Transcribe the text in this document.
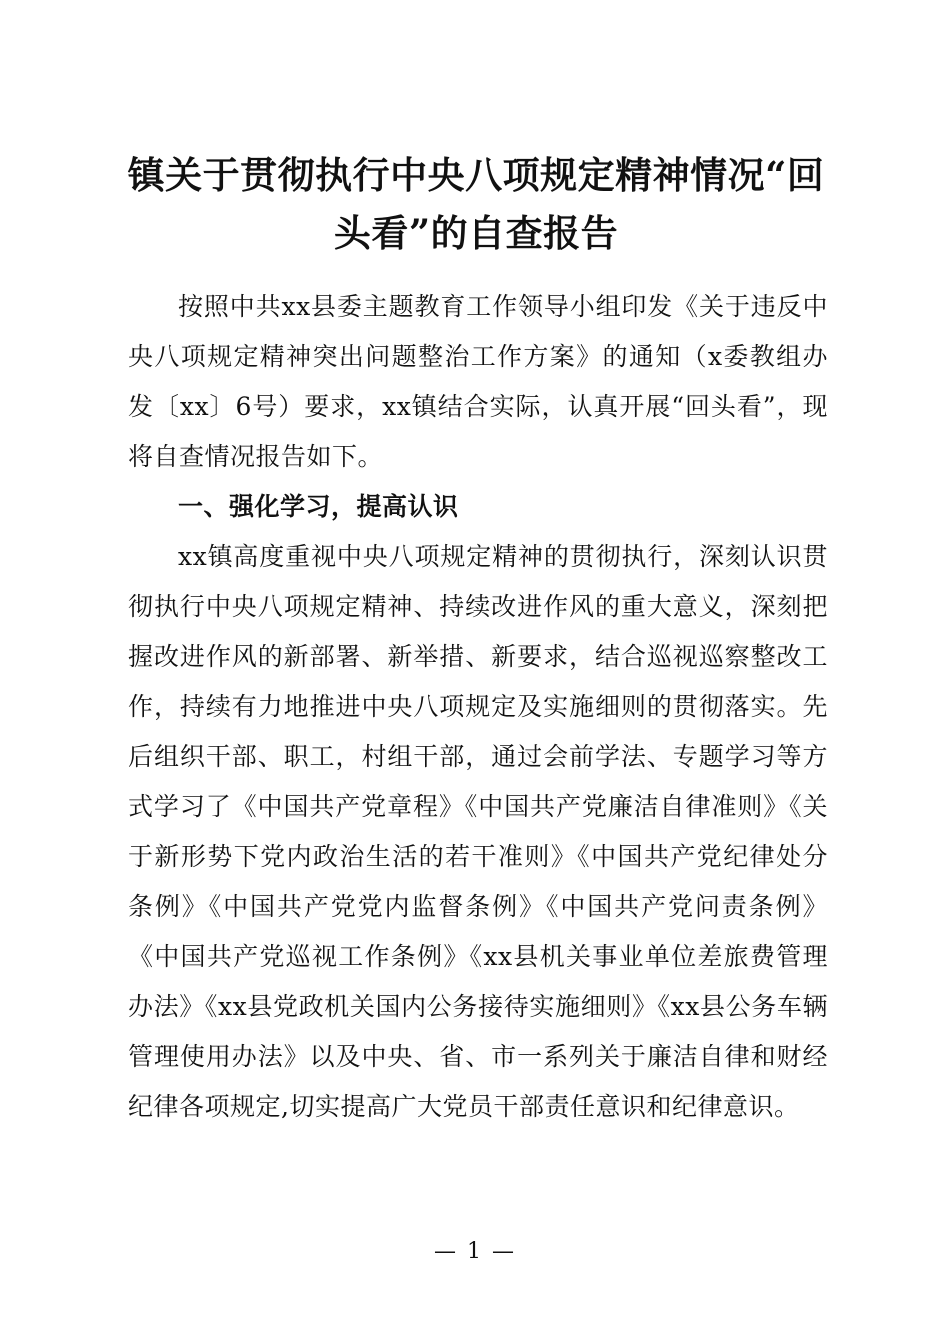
镇关于贯彻执行中央八项规定精神情况“回头看”的自查报告

按照中共xx县委主题教育工作领导小组印发《关于违反中央八项规定精神突出问题整治工作方案》的通知（x委教组办发〔xx〕6号）要求，xx镇结合实际，认真开展“回头看”，现将自查情况报告如下。

一、强化学习，提高认识

xx镇高度重视中央八项规定精神的贯彻执行，深刻认识贯彻执行中央八项规定精神、持续改进作风的重大意义，深刻把握改进作风的新部署、新举措、新要求，结合巡视巡察整改工作，持续有力地推进中央八项规定及实施细则的贯彻落实。先后组织干部、职工，村组干部，通过会前学法、专题学习等方式学习了《中国共产党章程》《中国共产党廉洁自律准则》《关于新形势下党内政治生活的若干准则》《中国共产党纪律处分条例》《中国共产党党内监督条例》《中国共产党问责条例》《中国共产党巡视工作条例》《xx县机关事业单位差旅费管理办法》《xx县党政机关国内公务接待实施细则》《xx县公务车辆管理使用办法》以及中央、省、市一系列关于廉洁自律和财经纪律各项规定,切实提高广大党员干部责任意识和纪律意识。

— 1 —
